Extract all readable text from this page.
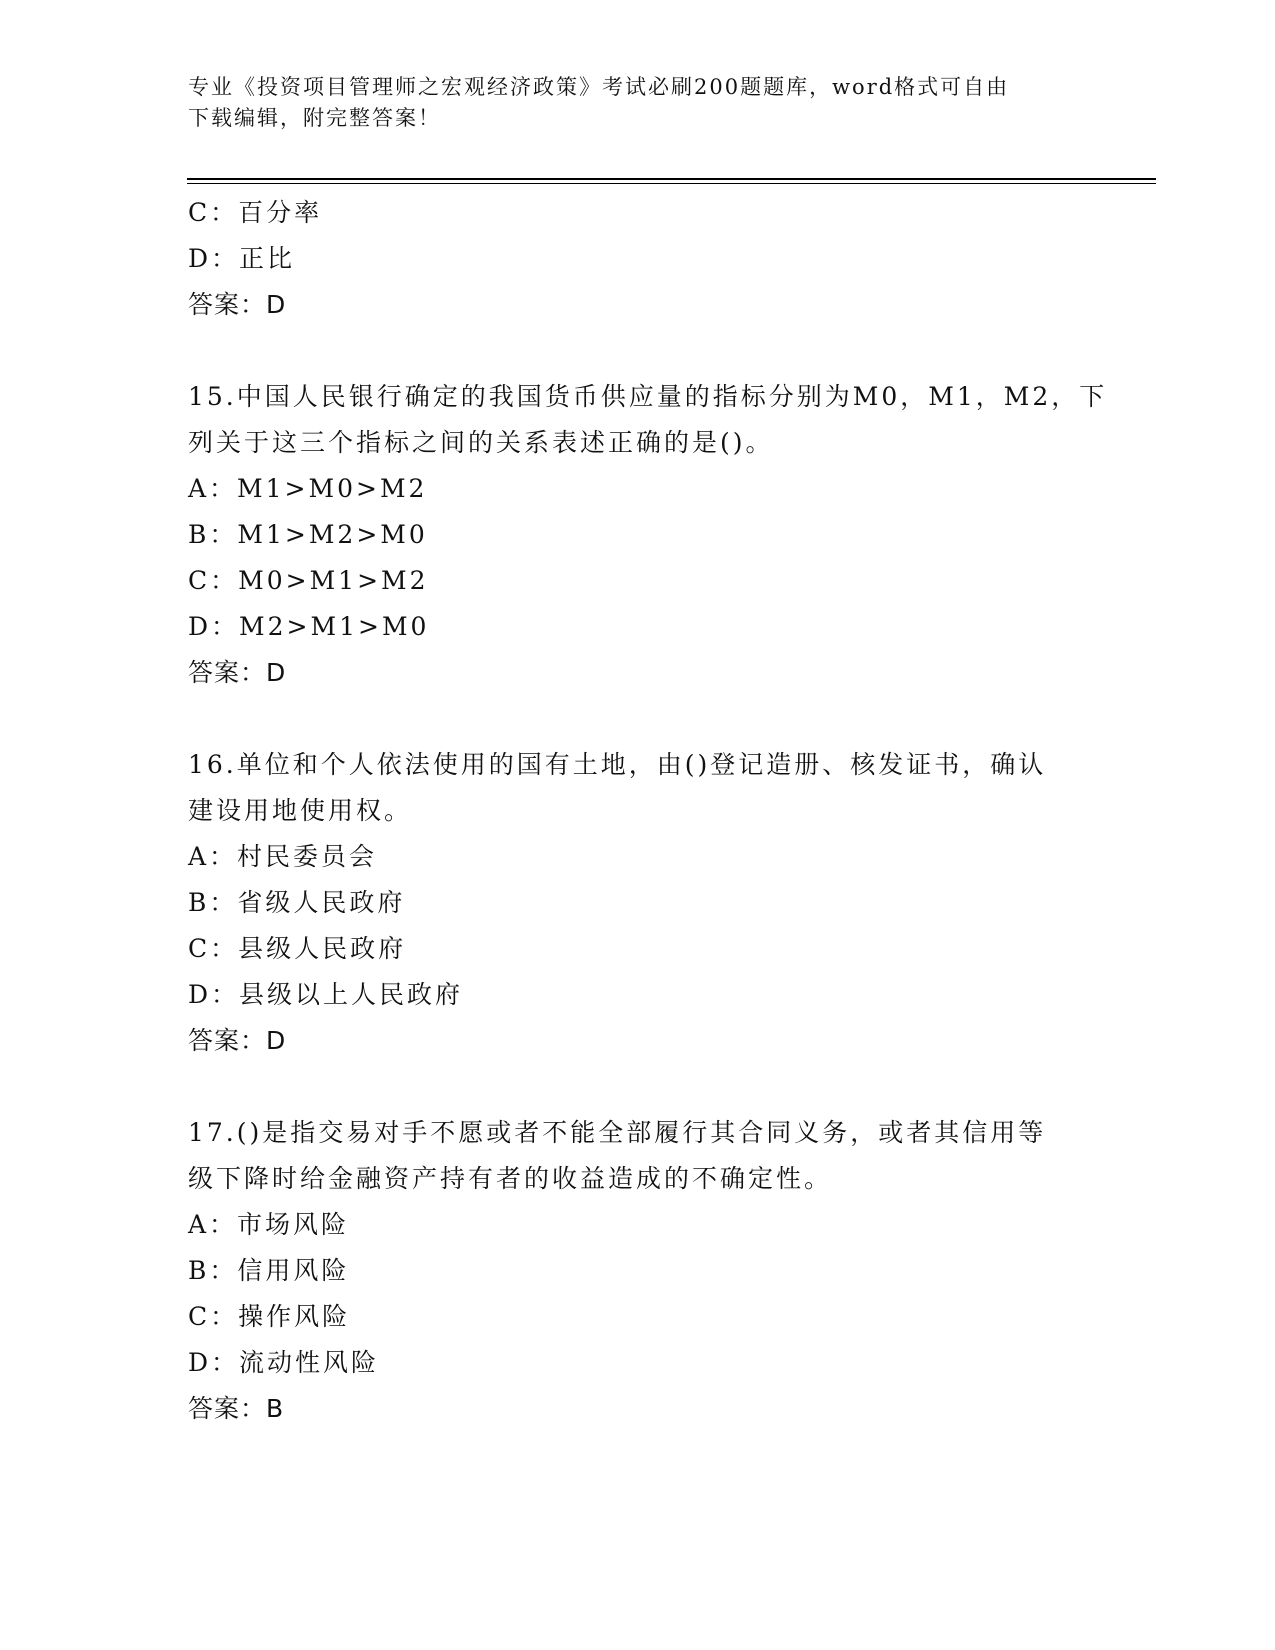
专业《投资项目管理师之宏观经济政策》考试必刷200题题库，word格式可自由
下载编辑，附完整答案！
C：百分率
D：正比
答案：D
15.中国人民银行确定的我国货币供应量的指标分别为M0，M1，M2，下
列关于这三个指标之间的关系表述正确的是()。
A：M1>M0>M2
B：M1>M2>M0
C：M0>M1>M2
D：M2>M1>M0
答案：D
16.单位和个人依法使用的国有土地，由()登记造册、核发证书，确认
建设用地使用权。
A：村民委员会
B：省级人民政府
C：县级人民政府
D：县级以上人民政府
答案：D
17.()是指交易对手不愿或者不能全部履行其合同义务，或者其信用等
级下降时给金融资产持有者的收益造成的不确定性。
A：市场风险
B：信用风险
C：操作风险
D：流动性风险
答案：B
